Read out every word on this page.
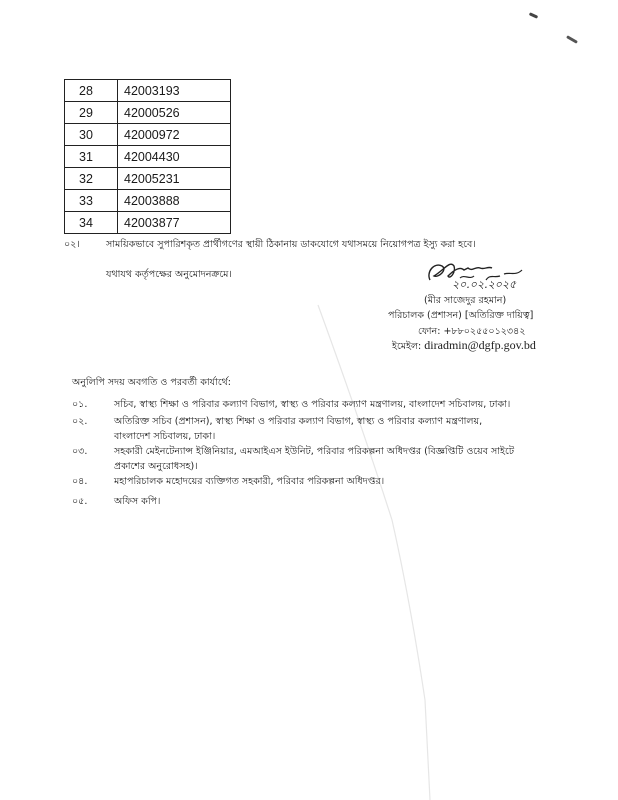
28	42003193
29	42000526
30	42000972
31	42004430
32	42005231
33	42003888
34	42003877
০২।	সাময়িকভাবে সুপারিশকৃত প্রার্থীগণের স্থায়ী ঠিকানায় ডাকযোগে যথাসময়ে নিয়োগপত্র ইস্যু করা হবে।
যথাযথ কর্তৃপক্ষের অনুমোদনক্রমে।
২০.০২.২০২৫
(মীর সাজেদুর রহমান)
পরিচালক (প্রশাসন) [অতিরিক্ত দায়িত্ব]
ফোন: +৮৮০২৫৫০১২৩৪২
ইমেইল: diradmin@dgfp.gov.bd
অনুলিপি সদয় অবগতি ও পরবর্তী কার্যার্থে:
০১.	সচিব, স্বাস্থ্য শিক্ষা ও পরিবার কল্যাণ বিভাগ, স্বাস্থ্য ও পরিবার কল্যাণ মন্ত্রণালয়, বাংলাদেশ সচিবালয়, ঢাকা।
০২.	অতিরিক্ত সচিব (প্রশাসন), স্বাস্থ্য শিক্ষা ও পরিবার কল্যাণ বিভাগ, স্বাস্থ্য ও পরিবার কল্যাণ মন্ত্রণালয়, বাংলাদেশ সচিবালয়, ঢাকা।
০৩.	সহকারী মেইনটেন্যান্স ইঞ্জিনিয়ার, এমআইএস ইউনিট, পরিবার পরিকল্পনা অধিদপ্তর (বিজ্ঞপ্তিটি ওয়েব সাইটে প্রকাশের অনুরোধসহ)।
০৪.	মহাপরিচালক মহোদয়ের ব্যক্তিগত সহকারী, পরিবার পরিকল্পনা অধিদপ্তর।
০৫.	অফিস কপি।
